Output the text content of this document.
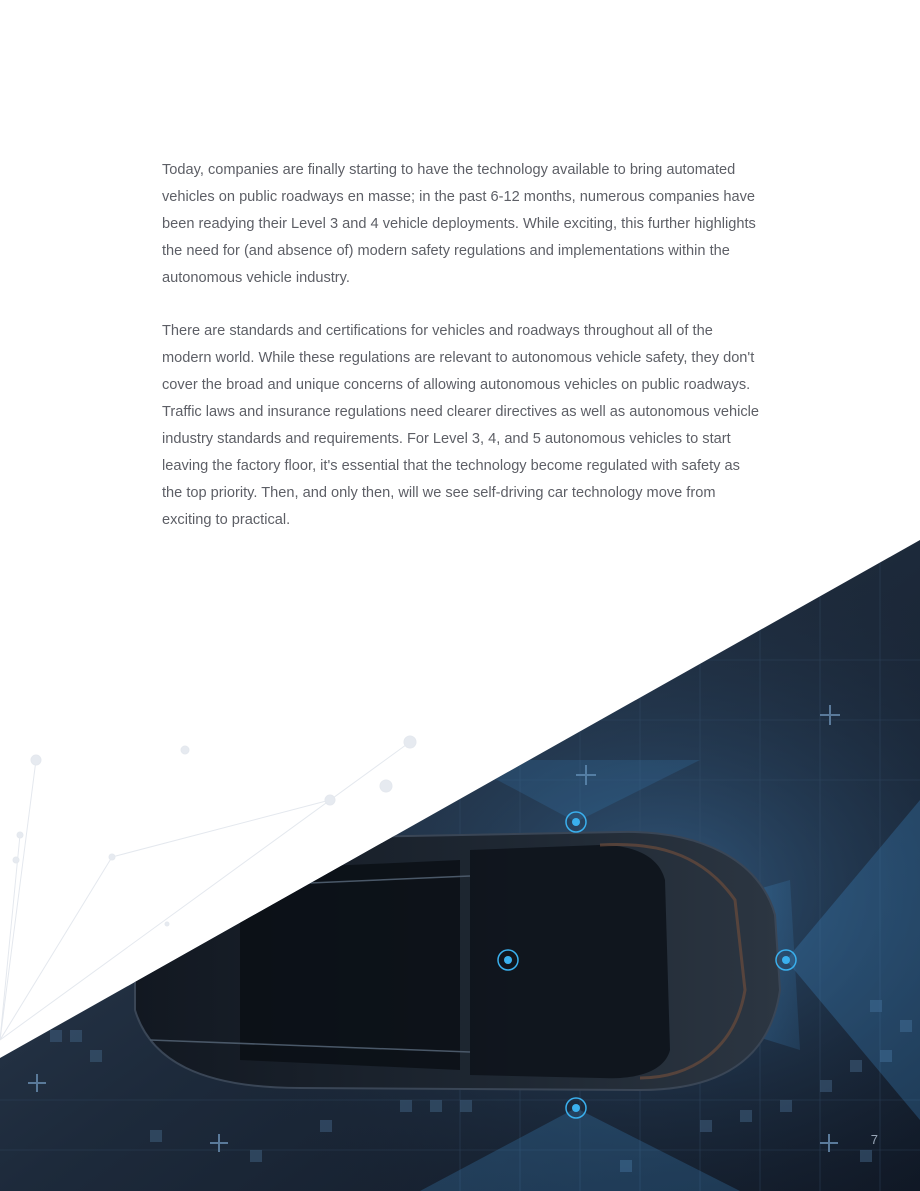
Today, companies are finally starting to have the technology available to bring automated vehicles on public roadways en masse; in the past 6-12 months, numerous companies have been readying their Level 3 and 4 vehicle deployments. While exciting, this further highlights the need for (and absence of) modern safety regulations and implementations within the autonomous vehicle industry.

There are standards and certifications for vehicles and roadways throughout all of the modern world. While these regulations are relevant to autonomous vehicle safety, they don't cover the broad and unique concerns of allowing autonomous vehicles on public roadways. Traffic laws and insurance regulations need clearer directives as well as autonomous vehicle industry standards and requirements. For Level 3, 4, and 5 autonomous vehicles to start leaving the factory floor, it's essential that the technology become regulated with safety as the top priority. Then, and only then, will we see self-driving car technology move from exciting to practical.

7
